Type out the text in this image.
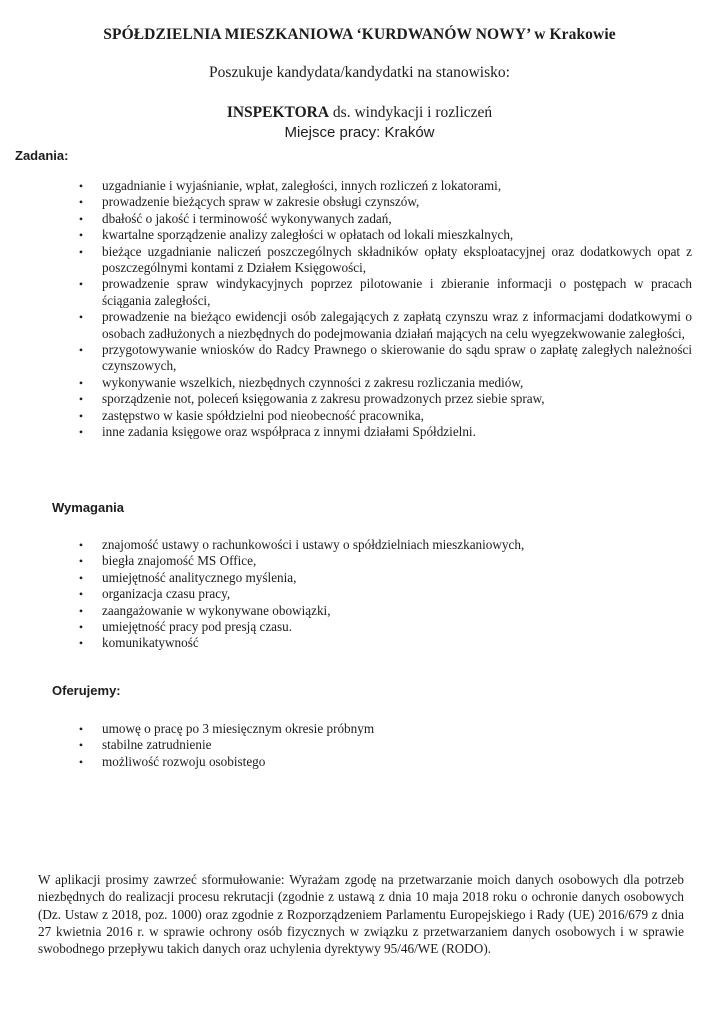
SPÓŁDZIELNIA MIESZKANIOWA ‘KURDWANÓW NOWY’ w Krakowie
Poszukuje kandydata/kandydatki na stanowisko:
INSPEKTORA ds. windykacji i rozliczeń
Miejsce pracy: Kraków
Zadania:
• uzgadnianie i wyjaśnianie, wpłat, zaległości, innych rozliczeń z lokatorami,
• prowadzenie bieżących spraw w zakresie obsługi czynszów,
• dbałość o jakość i terminowość wykonywanych zadań,
• kwartalne sporządzenie analizy zaległości w opłatach od lokali mieszkalnych,
• bieżące uzgadnianie naliczeń poszczególnych składników opłaty eksploatacyjnej oraz dodatkowych opat z poszczególnymi kontami z Działem Księgowości,
• prowadzenie spraw windykacyjnych poprzez pilotowanie i zbieranie informacji o postępach w pracach ściągania zaległości,
• prowadzenie na bieżąco ewidencji osób zalegających z zapłatą czynszu wraz z informacjami dodatkowymi o osobach zadłużonych a niezbędnych do podejmowania działań mających na celu wyegzekwowanie zaległości,
• przygotowywanie wniosków do Radcy Prawnego o skierowanie do sądu spraw o zapłatę zaległych należności czynszowych,
• wykonywanie wszelkich, niezbędnych czynności z zakresu rozliczania mediów,
• sporządzenie not, poleceń księgowania z zakresu prowadzonych przez siebie spraw,
• zastępstwo w kasie spółdzielni pod nieobecność pracownika,
• inne zadania księgowe oraz współpraca z innymi działami Spółdzielni.
Wymagania
• znajomość ustawy o rachunkowości i ustawy o spółdzielniach mieszkaniowych,
• biegła znajomość MS Office,
• umiejętność analitycznego myślenia,
• organizacja czasu pracy,
• zaangażowanie w wykonywane obowiązki,
• umiejętność pracy pod presją czasu.
• komunikatywność
Oferujemy:
• umowę o pracę po 3 miesięcznym okresie próbnym
• stabilne zatrudnienie
• możliwość rozwoju osobistego
W aplikacji prosimy zawrzeć sformułowanie: Wyrażam zgodę na przetwarzanie moich danych osobowych dla potrzeb niezbędnych do realizacji procesu rekrutacji (zgodnie z ustawą z dnia 10 maja 2018 roku o ochronie danych osobowych (Dz. Ustaw z 2018, poz. 1000) oraz zgodnie z Rozporządzeniem Parlamentu Europejskiego i Rady (UE) 2016/679 z dnia 27 kwietnia 2016 r. w sprawie ochrony osób fizycznych w związku z przetwarzaniem danych osobowych i w sprawie swobodnego przepływu takich danych oraz uchylenia dyrektywy 95/46/WE (RODO).
